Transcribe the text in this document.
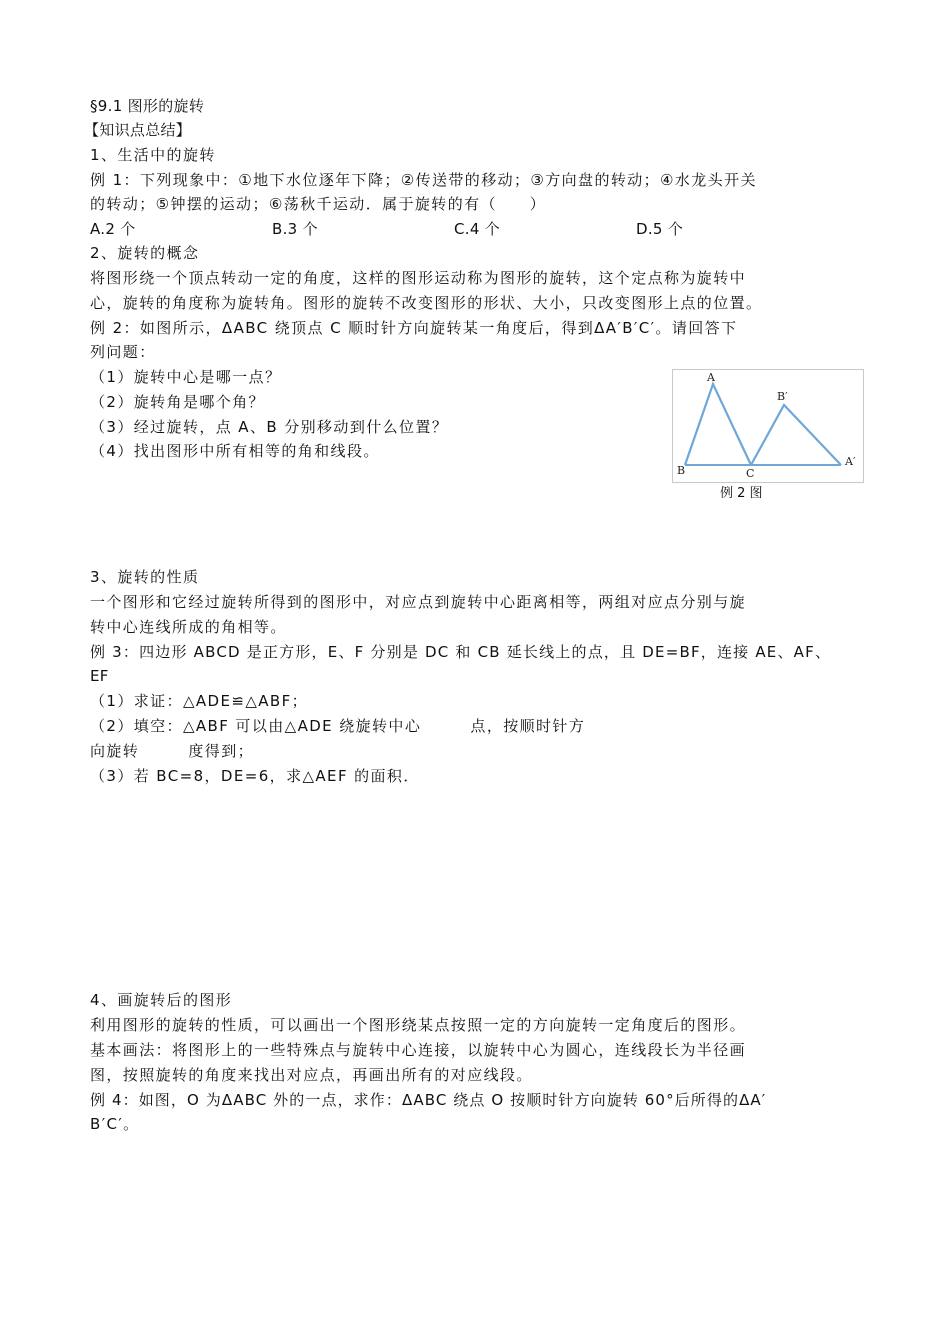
§9.1 图形的旋转
【知识点总结】
1、生活中的旋转
例 1：下列现象中：①地下水位逐年下降；②传送带的移动；③方向盘的转动；④水龙头开关
的转动；⑤钟摆的运动；⑥荡秋千运动．属于旋转的有（　　）
A.2 个	B.3 个	C.4 个	D.5 个
2、旋转的概念
将图形绕一个顶点转动一定的角度，这样的图形运动称为图形的旋转，这个定点称为旋转中
心，旋转的角度称为旋转角。图形的旋转不改变图形的形状、大小，只改变图形上点的位置。
例 2：如图所示，ΔABC 绕顶点 C 顺时针方向旋转某一角度后，得到ΔA′B′C′。请回答下
列问题：
（1）旋转中心是哪一点？
（2）旋转角是哪个角？
（3）经过旋转，点 A、B 分别移动到什么位置？
（4）找出图形中所有相等的角和线段。
A
B	C
B′
A′
例 2 图
3、旋转的性质
一个图形和它经过旋转所得到的图形中，对应点到旋转中心距离相等，两组对应点分别与旋
转中心连线所成的角相等。
例 3：四边形 ABCD 是正方形，E、F 分别是 DC 和 CB 延长线上的点，且 DE=BF，连接 AE、AF、
EF
（1）求证：△ADE≌△ABF；
（2）填空：△ABF 可以由△ADE 绕旋转中心　　　点，按顺时针方
向旋转　　　度得到；
（3）若 BC=8，DE=6，求△AEF 的面积．
4、画旋转后的图形
利用图形的旋转的性质，可以画出一个图形绕某点按照一定的方向旋转一定角度后的图形。
基本画法：将图形上的一些特殊点与旋转中心连接，以旋转中心为圆心，连线段长为半径画
图，按照旋转的角度来找出对应点，再画出所有的对应线段。
例 4：如图，O 为ΔABC 外的一点，求作：ΔABC 绕点 O 按顺时针方向旋转 60°后所得的ΔA′
B′C′。
